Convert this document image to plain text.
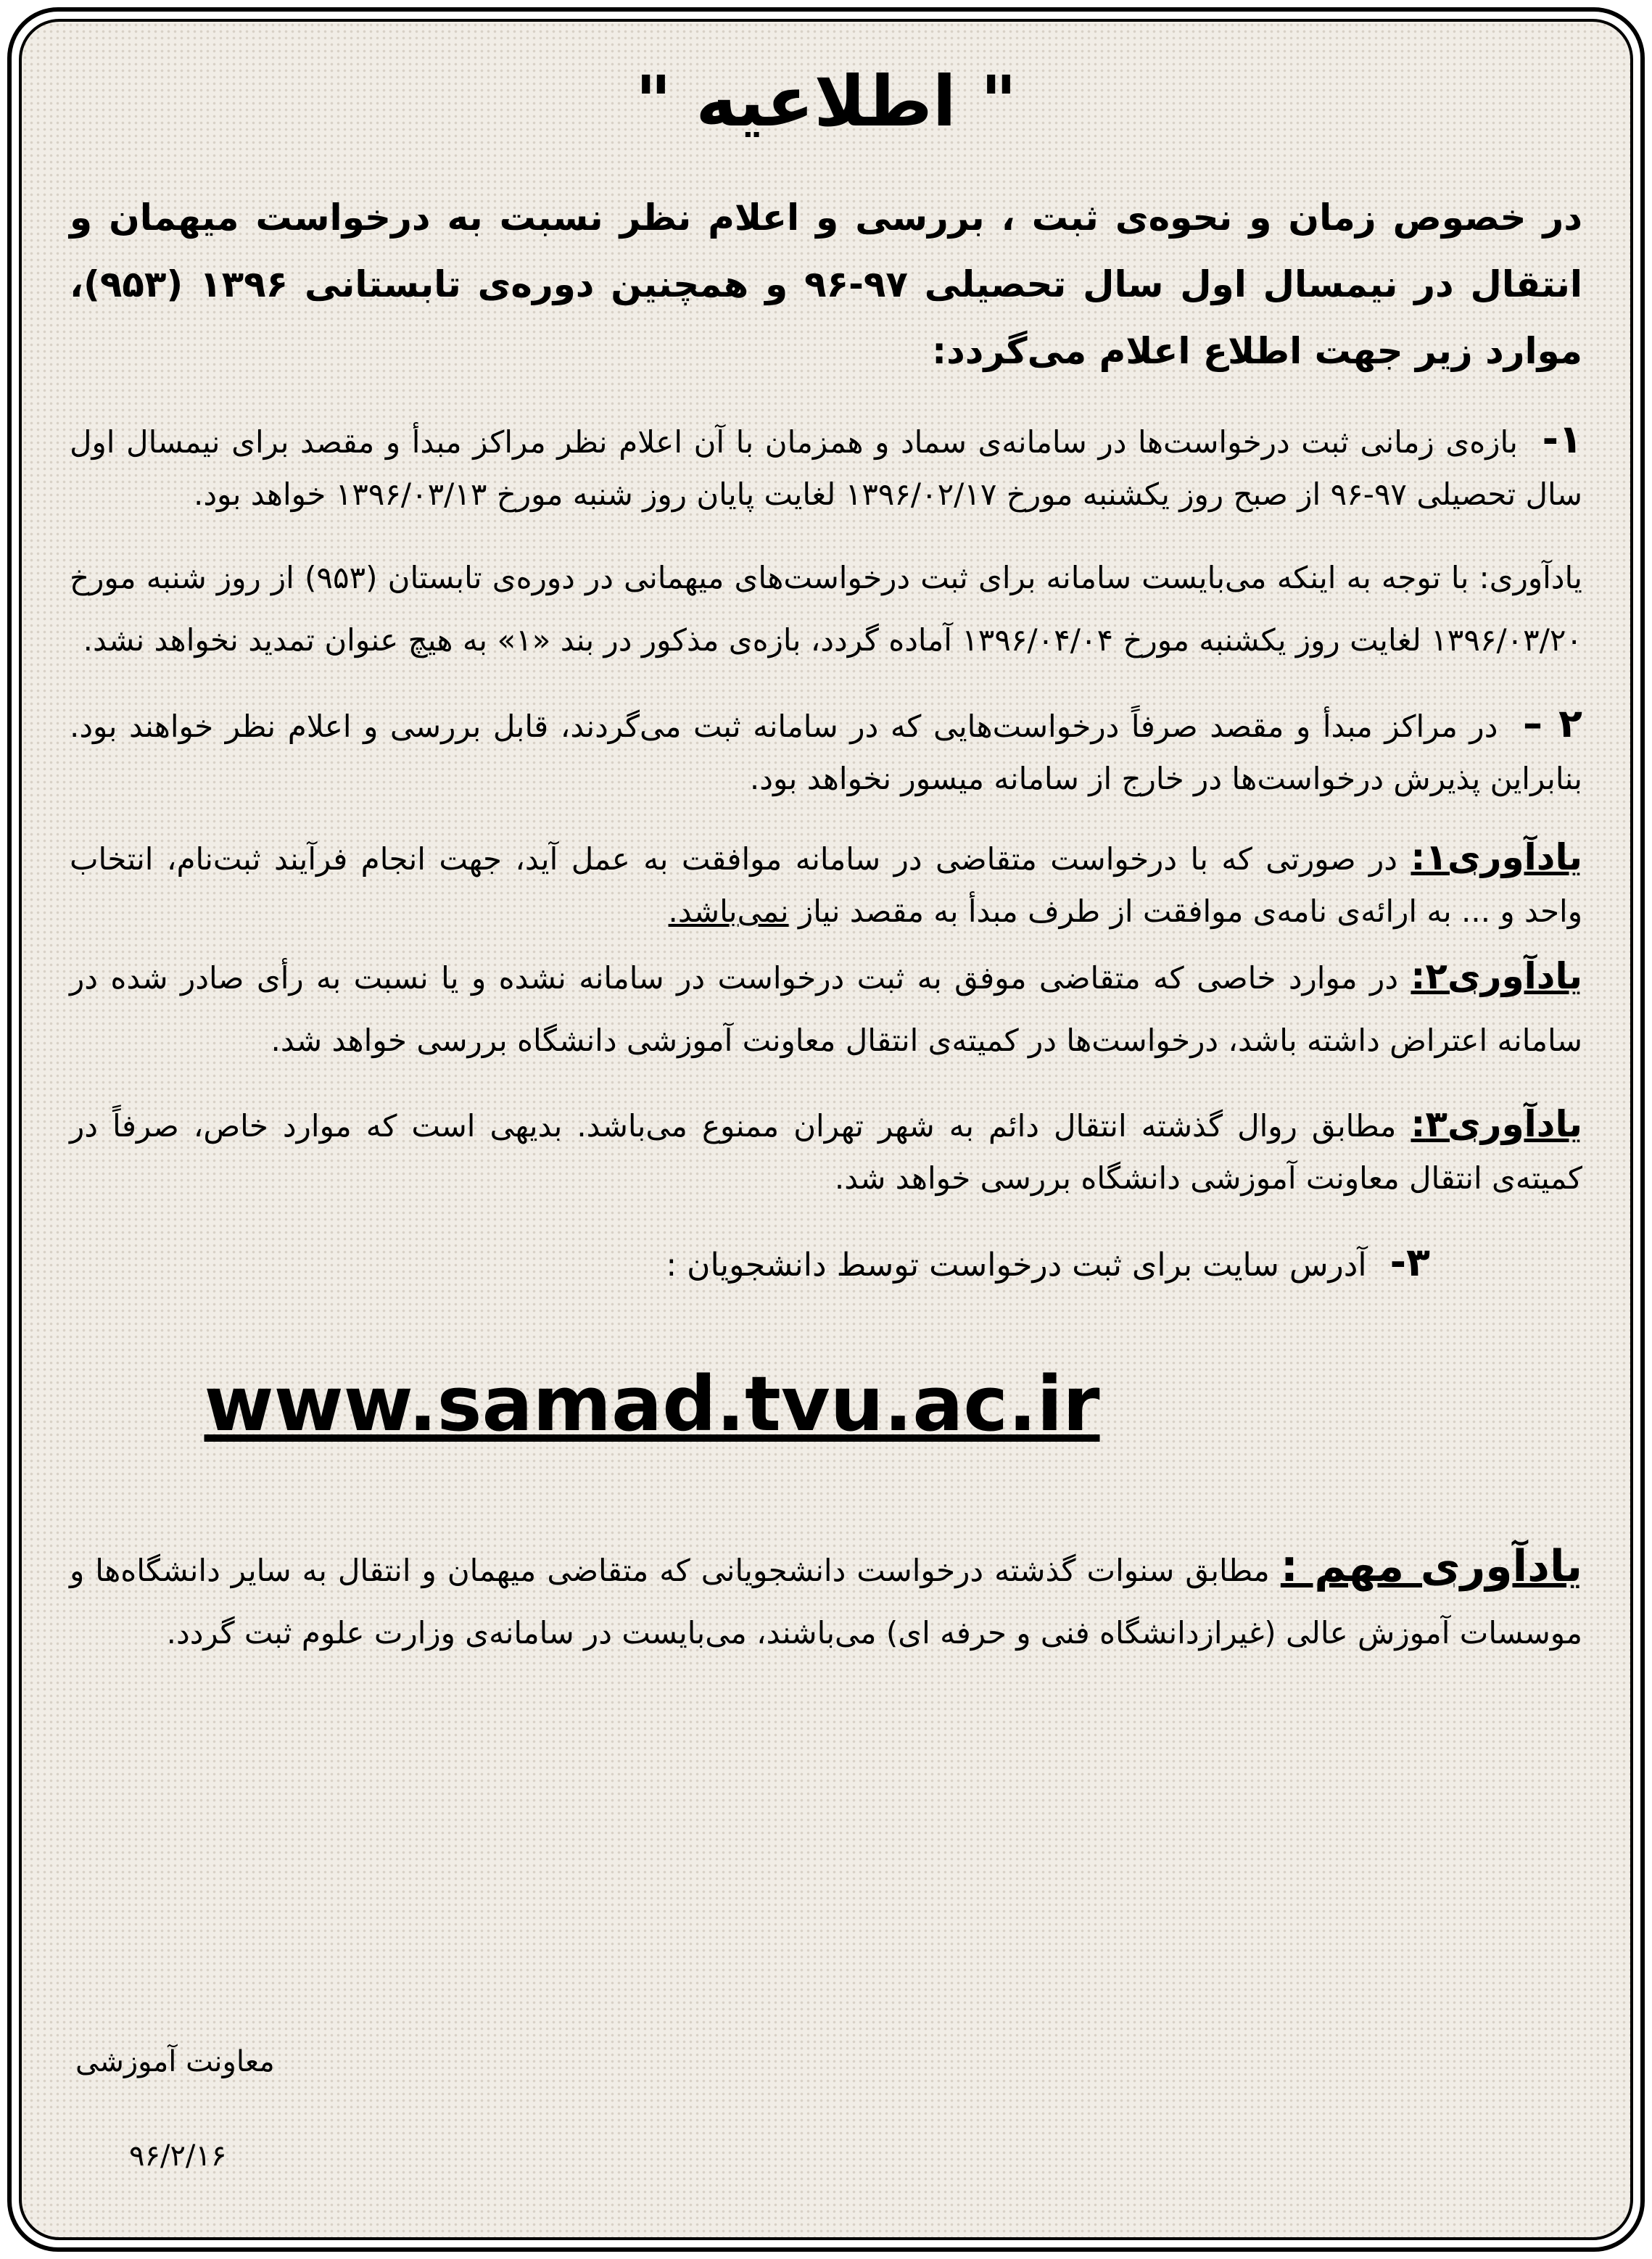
" اطلاعیه "

در خصوص زمان و نحوه‌ی ثبت ، بررسی و اعلام نظر نسبت به درخواست میهمان و انتقال در نیمسال اول سال تحصیلی ۹۷-۹۶ و همچنین دوره‌ی تابستانی ۱۳۹۶ (۹۵۳)، موارد زیر جهت اطلاع اعلام می‌گردد:

۱- بازه‌ی زمانی ثبت درخواست‌ها در سامانه‌ی سماد و همزمان با آن اعلام نظر مراکز مبدأ و مقصد برای نیمسال اول سال تحصیلی ۹۷-۹۶ از صبح روز یکشنبه مورخ ۱۳۹۶/۰۲/۱۷ لغایت پایان روز شنبه مورخ ۱۳۹۶/۰۳/۱۳ خواهد بود.

یادآوری: با توجه به اینکه می‌بایست سامانه برای ثبت درخواست‌های میهمانی در دوره‌ی تابستان (۹۵۳) از روز شنبه مورخ ۱۳۹۶/۰۳/۲۰ لغایت روز یکشنبه مورخ ۱۳۹۶/۰۴/۰۴ آماده گردد، بازه‌ی مذکور در بند «۱» به هیچ عنوان تمدید نخواهد نشد.

۲ – در مراکز مبدأ و مقصد صرفاً درخواست‌هایی که در سامانه ثبت می‌گردند، قابل بررسی و اعلام نظر خواهند بود. بنابراین پذیرش درخواست‌ها در خارج از سامانه میسور نخواهد بود.

یادآوری۱: در صورتی که با درخواست متقاضی در سامانه موافقت به عمل آید، جهت انجام فرآیند ثبت‌نام، انتخاب واحد و ... به ارائه‌ی نامه‌ی موافقت از طرف مبدأ به مقصد نیاز نمی‌باشد.

یادآوری۲: در موارد خاصی که متقاضی موفق به ثبت درخواست در سامانه نشده و یا نسبت به رأی صادر شده در سامانه اعتراض داشته باشد، درخواست‌ها در کمیته‌ی انتقال معاونت آموزشی دانشگاه بررسی خواهد شد.

یادآوری۳: مطابق روال گذشته انتقال دائم به شهر تهران ممنوع می‌باشد. بدیهی است که موارد خاص، صرفاً در کمیته‌ی انتقال معاونت آموزشی دانشگاه بررسی خواهد شد.

۳- آدرس سایت برای ثبت درخواست توسط دانشجویان :

www.samad.tvu.ac.ir

یادآوری مهم : مطابق سنوات گذشته درخواست دانشجویانی که متقاضی میهمان و انتقال به سایر دانشگاه‌ها و موسسات آموزش عالی (غیرازدانشگاه فنی و حرفه ای) می‌باشند، می‌بایست در سامانه‌ی وزارت علوم ثبت گردد.

معاونت آموزشی
۹۶/۲/۱۶
